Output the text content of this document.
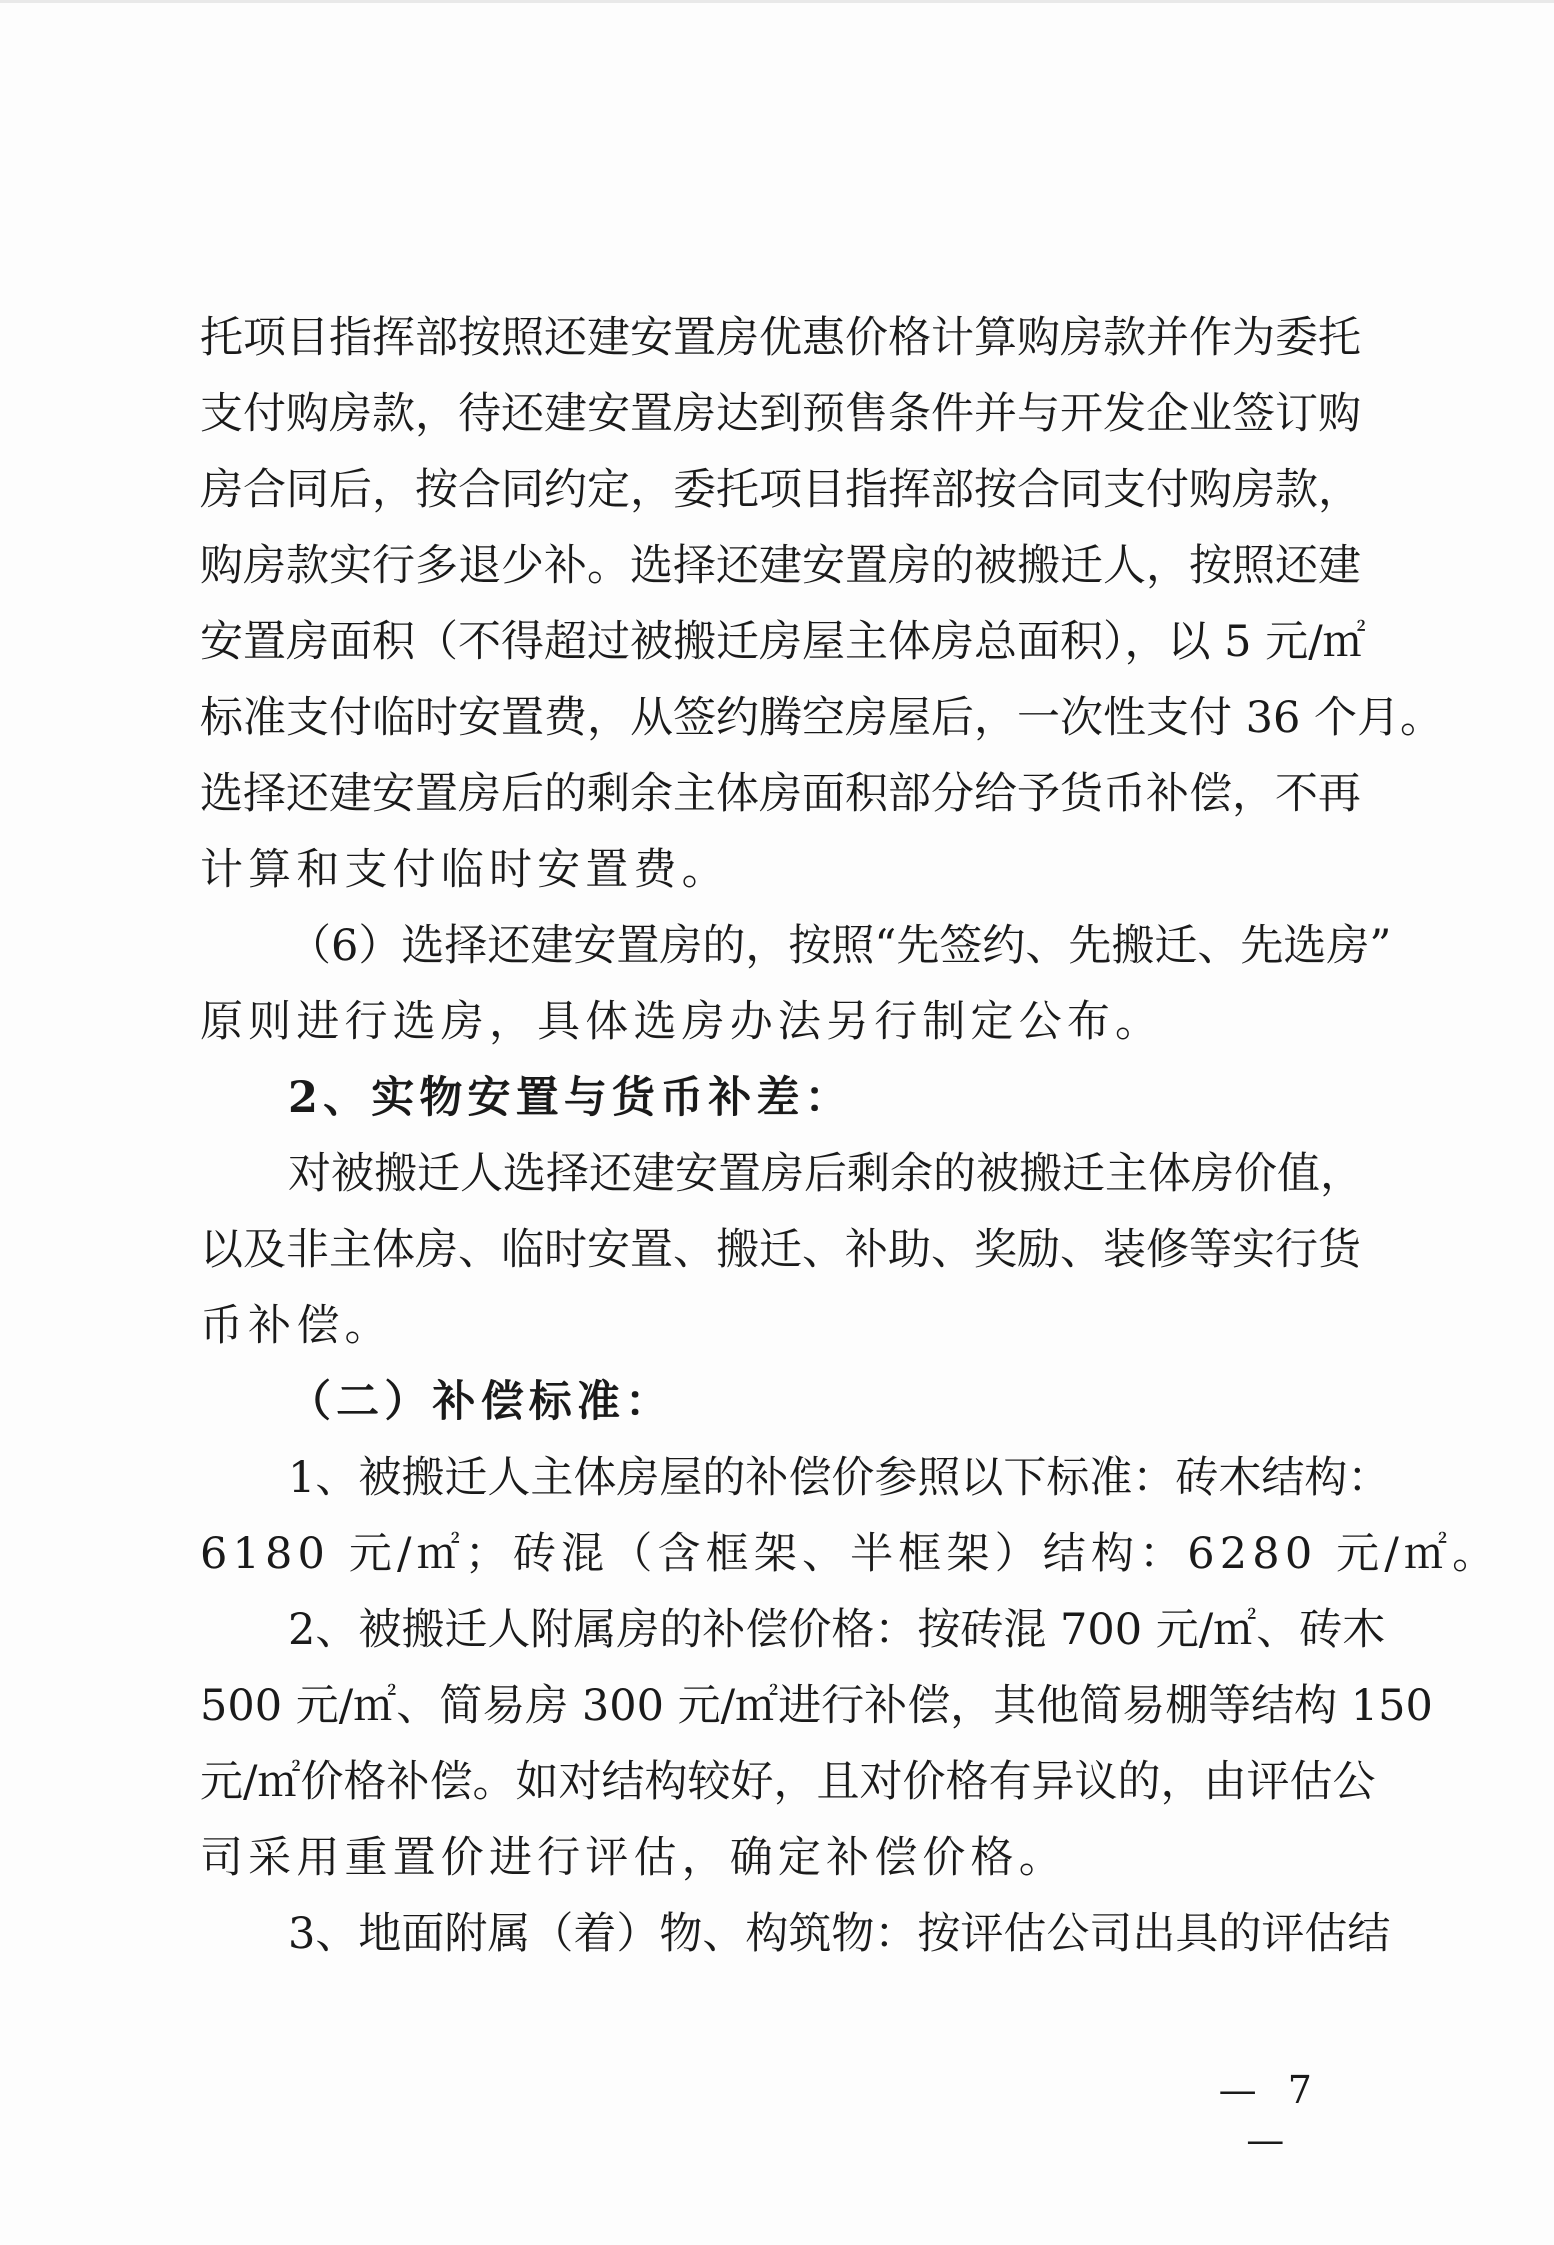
托项目指挥部按照还建安置房优惠价格计算购房款并作为委托
支付购房款，待还建安置房达到预售条件并与开发企业签订购
房合同后，按合同约定，委托项目指挥部按合同支付购房款，
购房款实行多退少补。选择还建安置房的被搬迁人，按照还建
安置房面积（不得超过被搬迁房屋主体房总面积），以 5 元/㎡
标准支付临时安置费，从签约腾空房屋后，一次性支付 36 个月。
选择还建安置房后的剩余主体房面积部分给予货币补偿，不再
计算和支付临时安置费。
（6）选择还建安置房的，按照“先签约、先搬迁、先选房”
原则进行选房，具体选房办法另行制定公布。
2、实物安置与货币补差：
对被搬迁人选择还建安置房后剩余的被搬迁主体房价值，
以及非主体房、临时安置、搬迁、补助、奖励、装修等实行货
币补偿。
（二）补偿标准：
1、被搬迁人主体房屋的补偿价参照以下标准：砖木结构：
6180 元/㎡；砖混（含框架、半框架）结构：6280 元/㎡。
2、被搬迁人附属房的补偿价格：按砖混 700 元/㎡、砖木
500 元/㎡、简易房 300 元/㎡进行补偿，其他简易棚等结构 150
元/㎡价格补偿。如对结构较好，且对价格有异议的，由评估公
司采用重置价进行评估，确定补偿价格。
3、地面附属（着）物、构筑物：按评估公司出具的评估结
— 7 —
